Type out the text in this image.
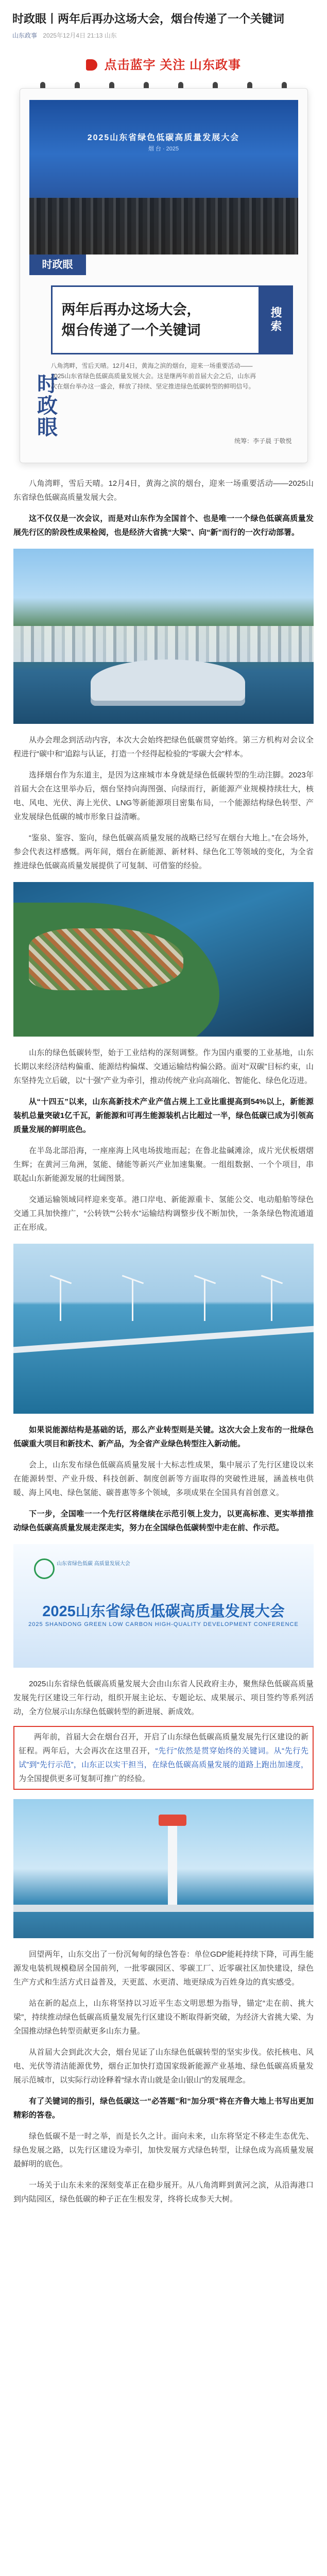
时政眼丨两年后再办这场大会，烟台传递了一个关键词
山东政事 2025年12月4日 21:13 山东
点击蓝字 关注 山东政事
2025山东省绿色低碳高质量发展大会
烟 台 · 2025
时政眼
两年后再办这场大会，
烟台传递了一个关键词	搜索
八角湾畔，雪后天晴。12月4日，黄海之滨的烟台，迎来一场重要活动——2025山东省绿色低碳高质量发展大会。这是继两年前首届大会之后，山东再次在烟台举办这一盛会，释放了持续、坚定推进绿色低碳转型的鲜明信号。
时政眼
统筹：李子晨 于敬悦

八角湾畔，雪后天晴。12月4日，黄海之滨的烟台，迎来一场重要活动——2025山东省绿色低碳高质量发展大会。

这不仅仅是一次会议，而是对山东作为全国首个、也是唯一一个绿色低碳高质量发展先行区的阶段性成果检阅，也是经济大省挑“大梁”、向“新”而行的一次行动部署。

从办会理念到活动内容，本次大会始终把绿色低碳贯穿始终。第三方机构对会议全程进行“碳中和”追踪与认证，打造一个经得起检验的“零碳大会”样本。

选择烟台作为东道主，是因为这座城市本身就是绿色低碳转型的生动注脚。2023年首届大会在这里举办后，烟台坚持向海图强、向绿而行，新能源产业规模持续壮大，核电、风电、光伏、海上光伏、LNG等新能源项目密集布局，一个能源结构绿色转型、产业发展绿色低碳的城市形象日益清晰。

“鉴泉、鉴容、鉴向，绿色低碳高质量发展的战略已经写在烟台大地上。”在会场外，参会代表这样感慨。两年间，烟台在新能源、新材料、绿色化工等领域的变化，为全省推进绿色低碳高质量发展提供了可复制、可借鉴的经验。

山东的绿色低碳转型，始于工业结构的深刻调整。作为国内重要的工业基地，山东长期以来经济结构偏重、能源结构偏煤、交通运输结构偏公路。面对“双碳”目标约束，山东坚持先立后破，以“十强”产业为牵引，推动传统产业向高端化、智能化、绿色化迈进。

从“十四五”以来，山东高新技术产业产值占规上工业比重提高到54%以上，新能源装机总量突破1亿千瓦，新能源和可再生能源装机占比超过一半，绿色低碳已成为引领高质量发展的鲜明底色。

在半岛北部沿海，一座座海上风电场拔地而起；在鲁北盐碱滩涂，成片光伏板熠熠生辉；在黄河三角洲，氢能、储能等新兴产业加速集聚。一组组数据、一个个项目，串联起山东新能源发展的壮阔图景。

交通运输领域同样迎来变革。港口岸电、新能源重卡、氢能公交、电动船舶等绿色交通工具加快推广，“公转铁”“公转水”运输结构调整步伐不断加快，一条条绿色物流通道正在形成。

如果说能源结构是基础的话，那么产业转型则是关键。这次大会上发布的一批绿色低碳重大项目和新技术、新产品，为全省产业绿色转型注入新动能。

会上，山东发布绿色低碳高质量发展十大标志性成果，集中展示了先行区建设以来在能源转型、产业升级、科技创新、制度创新等方面取得的突破性进展，涵盖核电供暖、海上风电、绿色氢能、碳普惠等多个领域，多项成果在全国具有首创意义。

下一步，全国唯一一个先行区将继续在示范引领上发力，以更高标准、更实举措推动绿色低碳高质量发展走深走实，努力在全国绿色低碳转型中走在前、作示范。

山东省绿色低碳 高质量发展大会
2025山东省绿色低碳高质量发展大会
2025 SHANDONG GREEN LOW CARBON HIGH-QUALITY DEVELOPMENT CONFERENCE

2025山东省绿色低碳高质量发展大会由山东省人民政府主办，聚焦绿色低碳高质量发展先行区建设三年行动，组织开展主论坛、专题论坛、成果展示、项目签约等系列活动，全方位展示山东绿色低碳转型的新进展、新成效。

两年前，首届大会在烟台召开，开启了山东绿色低碳高质量发展先行区建设的新征程。两年后，大会再次在这里召开，“先行”依然是贯穿始终的关键词。从“先行先试”到“先行示范”，山东正以实干担当，在绿色低碳高质量发展的道路上跑出加速度，为全国提供更多可复制可推广的经验。

回望两年，山东交出了一份沉甸甸的绿色答卷：单位GDP能耗持续下降，可再生能源发电装机规模稳居全国前列，一批零碳园区、零碳工厂、近零碳社区加快建设，绿色生产方式和生活方式日益普及，天更蓝、水更清、地更绿成为百姓身边的真实感受。

站在新的起点上，山东将坚持以习近平生态文明思想为指导，锚定“走在前、挑大梁”，持续推动绿色低碳高质量发展先行区建设不断取得新突破，为经济大省挑大梁、为全国推动绿色转型贡献更多山东力量。

从首届大会到此次大会，烟台见证了山东绿色低碳转型的坚实步伐。依托核电、风电、光伏等清洁能源优势，烟台正加快打造国家级新能源产业基地、绿色低碳高质量发展示范城市，以实际行动诠释着“绿水青山就是金山银山”的发展理念。

有了关键词的指引，绿色低碳这一“必答题”和“加分项”将在齐鲁大地上书写出更加精彩的答卷。

绿色低碳不是一时之举，而是长久之计。面向未来，山东将坚定不移走生态优先、绿色发展之路，以先行区建设为牵引，加快发展方式绿色转型，让绿色成为高质量发展最鲜明的底色。

一场关于山东未来的深刻变革正在稳步展开。从八角湾畔到黄河之滨，从沿海港口到内陆园区，绿色低碳的种子正在生根发芽，终将长成参天大树。
